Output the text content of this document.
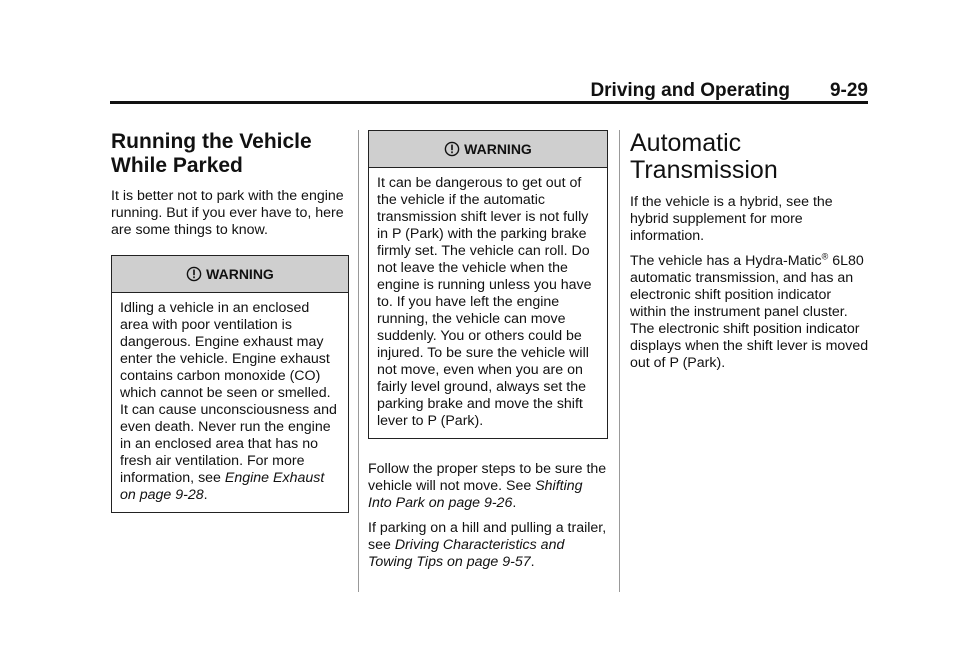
Driving and Operating 9-29
Running the Vehicle While Parked

It is better not to park with the engine running. But if you ever have to, here are some things to know.

WARNING

Idling a vehicle in an enclosed area with poor ventilation is dangerous. Engine exhaust may enter the vehicle. Engine exhaust contains carbon monoxide (CO) which cannot be seen or smelled. It can cause unconsciousness and even death. Never run the engine in an enclosed area that has no fresh air ventilation. For more information, see Engine Exhaust on page 9-28.

WARNING

It can be dangerous to get out of the vehicle if the automatic transmission shift lever is not fully in P (Park) with the parking brake firmly set. The vehicle can roll. Do not leave the vehicle when the engine is running unless you have to. If you have left the engine running, the vehicle can move suddenly. You or others could be injured. To be sure the vehicle will not move, even when you are on fairly level ground, always set the parking brake and move the shift lever to P (Park).

Follow the proper steps to be sure the vehicle will not move. See Shifting Into Park on page 9-26.

If parking on a hill and pulling a trailer, see Driving Characteristics and Towing Tips on page 9-57.

Automatic Transmission

If the vehicle is a hybrid, see the hybrid supplement for more information.

The vehicle has a Hydra-Matic® 6L80 automatic transmission, and has an electronic shift position indicator within the instrument panel cluster. The electronic shift position indicator displays when the shift lever is moved out of P (Park).
